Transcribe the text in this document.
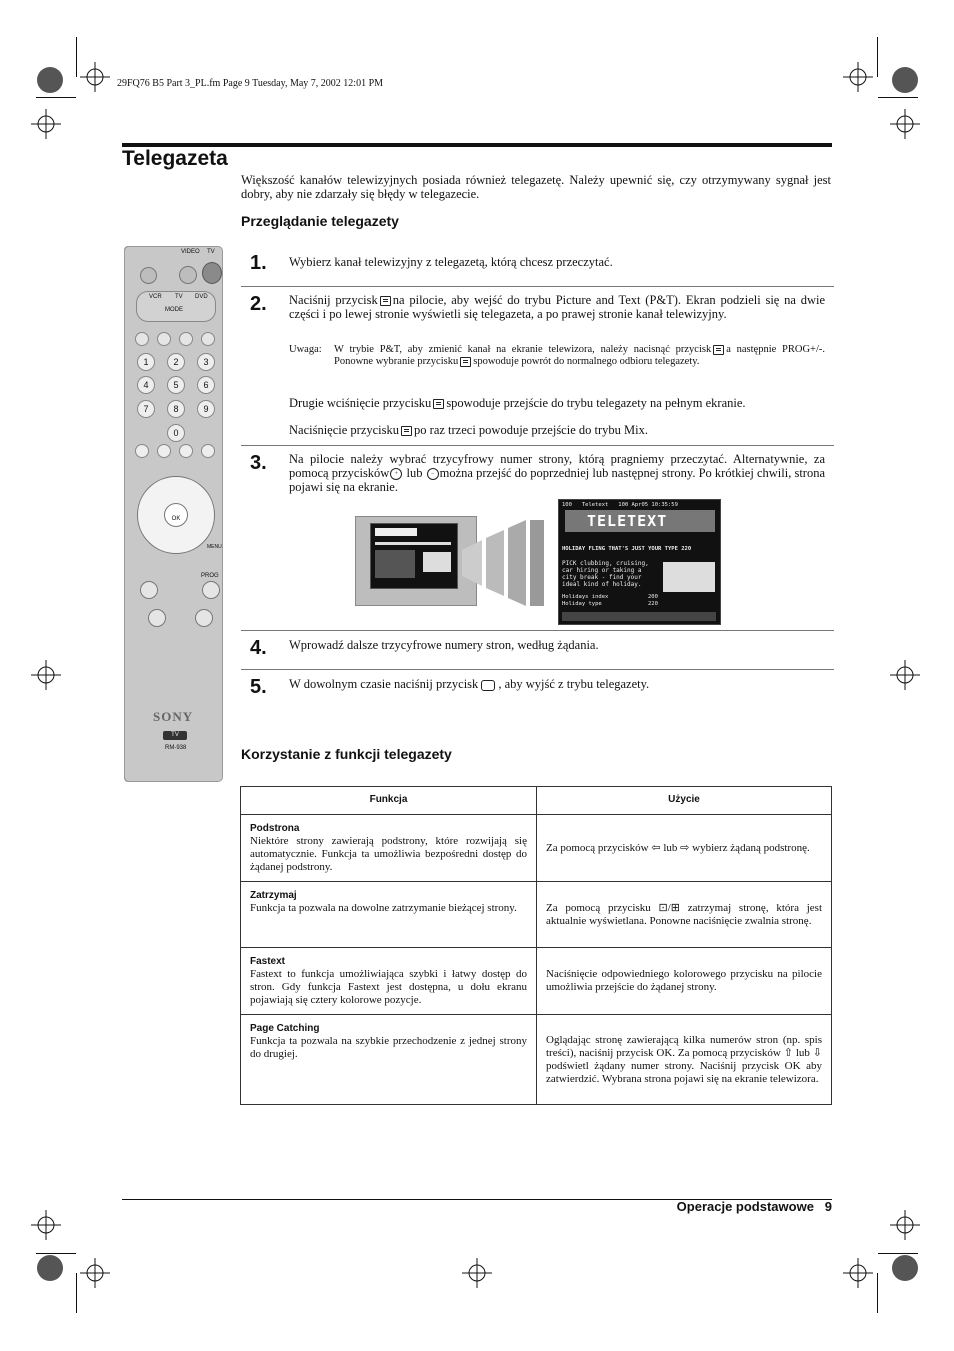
29FQ76 B5 Part 3_PL.fm Page 9 Tuesday, May 7, 2002 12:01 PM
Telegazeta
Większość kanałów telewizyjnych posiada również telegazetę. Należy upewnić się, czy otrzymywany sygnał jest dobry, aby nie zdarzały się błędy w telegazecie.
Przeglądanie telegazety
VIDEO TV
VCR TV DVD
MODE
1	2	3
4	5	6
7	8	9
0
OK
MENU
PROG
SONY
TV
RM-938
1. Wybierz kanał telewizyjny z telegazetą, którą chcesz przeczytać.
2. Naciśnij przycisk na pilocie, aby wejść do trybu Picture and Text (P&T). Ekran podzieli się na dwie części i po lewej stronie wyświetli się telegazeta, a po prawej stronie kanał telewizyjny.
Uwaga: W trybie P&T, aby zmienić kanał na ekranie telewizora, należy nacisnąć przycisk a następnie PROG+/-. Ponowne wybranie przycisku spowoduje powrót do normalnego odbioru telegazety.
Drugie wciśnięcie przycisku spowoduje przejście do trybu telegazety na pełnym ekranie.
Naciśnięcie przycisku po raz trzeci powoduje przejście do trybu Mix.
3. Na pilocie należy wybrać trzycyfrowy numer strony, którą pragniemy przeczytać. Alternatywnie, za pomocą przycisków + lub − można przejść do poprzedniej lub następnej strony. Po krótkiej chwili, strona pojawi się na ekranie.
100   Teletext   100 Apr05 10:35:59
TELETEXT
HOLIDAY FLING THAT'S JUST YOUR TYPE 220
PICK clubbing, cruising,
car hiring or taking a
city break - find your
ideal kind of holiday.
Holidays index	200
Holiday type	220
4. Wprowadź dalsze trzycyfrowe numery stron, według żądania.
5. W dowolnym czasie naciśnij przycisk , aby wyjść z trybu telegazety.
Korzystanie z funkcji telegazety
Funkcja	Użycie

Podstrona
Niektóre strony zawierają podstrony, które rozwijają się automatycznie. Funkcja ta umożliwia bezpośredni dostęp do żądanej podstrony.	Za pomocą przycisków ⇦ lub ⇨ wybierz żądaną podstronę.

Zatrzymaj
Funkcja ta pozwala na dowolne zatrzymanie bieżącej strony.	Za pomocą przycisku ⊡/⊞ zatrzymaj stronę, która jest aktualnie wyświetlana. Ponowne naciśnięcie zwalnia stronę.

Fastext
Fastext to funkcja umożliwiająca szybki i łatwy dostęp do stron. Gdy funkcja Fastext jest dostępna, u dołu ekranu pojawiają się cztery kolorowe pozycje.	Naciśnięcie odpowiedniego kolorowego przycisku na pilocie umożliwia przejście do żądanej strony.

Page Catching
Funkcja ta pozwala na szybkie przechodzenie z jednej strony do drugiej.	Oglądając stronę zawierającą kilka numerów stron (np. spis treści), naciśnij przycisk OK. Za pomocą przycisków ⇧ lub ⇩ podświetl żądany numer strony. Naciśnij przycisk OK aby zatwierdzić. Wybrana strona pojawi się na ekranie telewizora.
Operacje podstawowe   9
